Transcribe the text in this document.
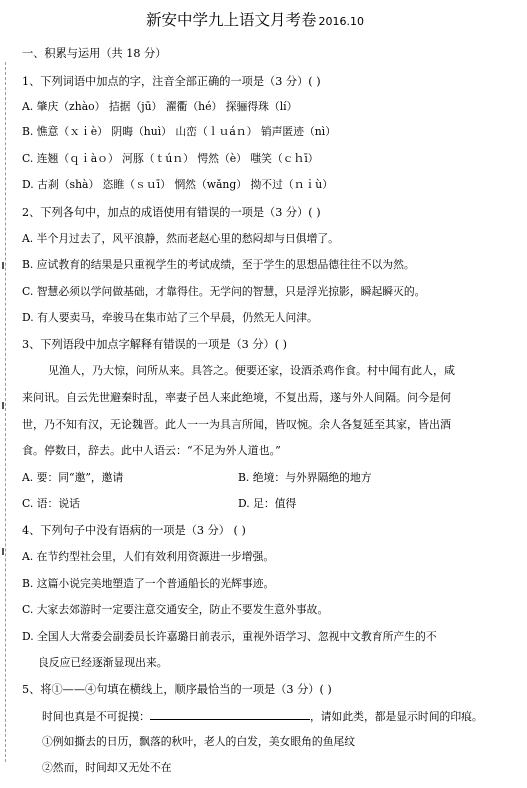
新安中学九上语文月考卷 2016.10
一、积累与运用（共 18 分）
1、下列词语中加点的字，注音全部正确的一项是（3 分）( )
A. 肇庆（zhào） 拮据（jū） 濯衢（hé） 探骊得珠（lí）
B. 憔意（ｘｉè） 阴晦（huì） 山峦（ｌｕáｎ） 销声匿迹（nì）
C. 连翘（ｑｉàｏ） 河豚（ｔúｎ） 愕然（è） 嗤笑（ｃｈī）
D. 古刹（shà） 恣睢（ｓｕī） 惘然（wǎng） 拗不过（ｎｉù）
2、下列各句中，加点的成语使用有错误的一项是（3 分）( )
A. 半个月过去了，风平浪静，然而老赵心里的愁闷却与日俱增了。
B. 应试教育的结果是只重视学生的考试成绩，至于学生的思想品德往往不以为然。
C. 智慧必须以学问做基础，才靠得住。无学问的智慧，只是浮光掠影，瞬起瞬灭的。
D. 有人要卖马，牵骏马在集市站了三个早晨，仍然无人问津。
3、下列语段中加点字解释有错误的一项是（3 分）( )
见渔人，乃大惊，问所从来。具答之。便要还家，设酒杀鸡作食。村中闻有此人，咸
来问讯。自云先世避秦时乱，率妻子邑人来此绝境，不复出焉，遂与外人间隔。问今是何
世，乃不知有汉，无论魏晋。此人一一为具言所闻，皆叹惋。余人各复延至其家，皆出酒
食。停数日，辞去。此中人语云：“不足为外人道也。”
A. 要：同“邀”，邀请	B. 绝境：与外界隔绝的地方
C. 语：说话	D. 足：值得
4、下列句子中没有语病的一项是（3 分） ( )
A. 在节约型社会里，人们有效利用资源进一步增强。
B. 这篇小说完美地塑造了一个普通船长的光辉事迹。
C. 大家去郊游时一定要注意交通安全，防止不要发生意外事故。
D. 全国人大常委会副委员长许嘉璐日前表示，重视外语学习、忽视中文教育所产生的不
良反应已经逐渐显现出来。
5、将①——④句填在横线上，顺序最恰当的一项是（3 分）( )
时间也真是不可捉摸：	，请如此类，都是显示时间的印痕。
①例如撕去的日历，飘落的秋叶，老人的白发，美女眼角的鱼尾纹
②然而，时间却又无处不在
